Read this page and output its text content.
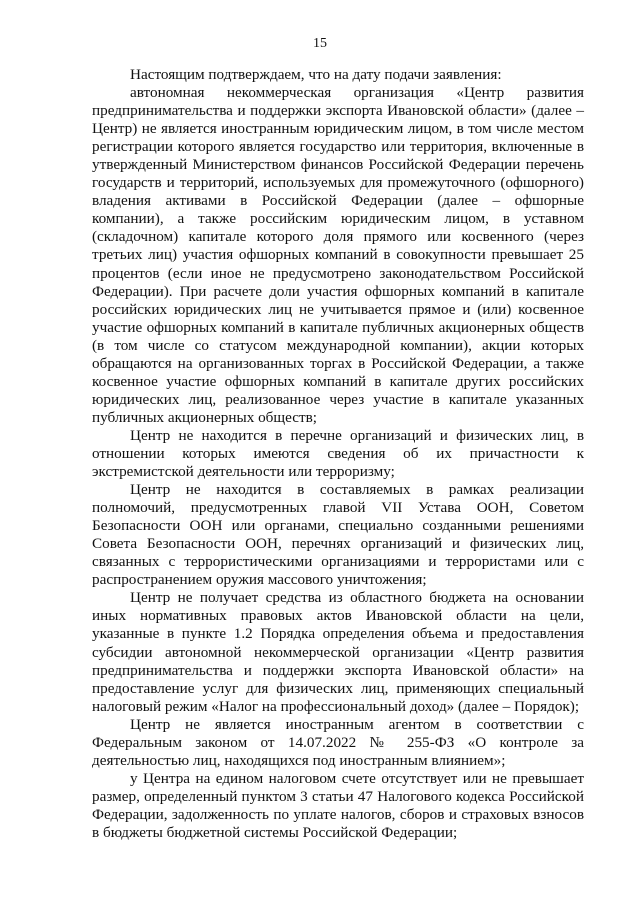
15

Настоящим подтверждаем, что на дату подачи заявления:

автономная некоммерческая организация «Центр развития предпринимательства и поддержки экспорта Ивановской области» (далее – Центр) не является иностранным юридическим лицом, в том числе местом регистрации которого является государство или территория, включенные в утвержденный Министерством финансов Российской Федерации перечень государств и территорий, используемых для промежуточного (офшорного) владения активами в Российской Федерации (далее – офшорные компании), а также российским юридическим лицом, в уставном (складочном) капитале которого доля прямого или косвенного (через третьих лиц) участия офшорных компаний в совокупности превышает 25 процентов (если иное не предусмотрено законодательством Российской Федерации). При расчете доли участия офшорных компаний в капитале российских юридических лиц не учитывается прямое и (или) косвенное участие офшорных компаний в капитале публичных акционерных обществ (в том числе со статусом международной компании), акции которых обращаются на организованных торгах в Российской Федерации, а также косвенное участие офшорных компаний в капитале других российских юридических лиц, реализованное через участие в капитале указанных публичных акционерных обществ;

Центр не находится в перечне организаций и физических лиц, в отношении которых имеются сведения об их причастности к экстремистской деятельности или терроризму;

Центр не находится в составляемых в рамках реализации полномочий, предусмотренных главой VII Устава ООН, Советом Безопасности ООН или органами, специально созданными решениями Совета Безопасности ООН, перечнях организаций и физических лиц, связанных с террористическими организациями и террористами или с распространением оружия массового уничтожения;

Центр не получает средства из областного бюджета на основании иных нормативных правовых актов Ивановской области на цели, указанные в пункте 1.2 Порядка определения объема и предоставления субсидии автономной некоммерческой организации «Центр развития предпринимательства и поддержки экспорта Ивановской области» на предоставление услуг для физических лиц, применяющих специальный налоговый режим «Налог на профессиональный доход» (далее – Порядок);

Центр не является иностранным агентом в соответствии с Федеральным законом от 14.07.2022 № 255-ФЗ «О контроле за деятельностью лиц, находящихся под иностранным влиянием»;

у Центра на едином налоговом счете отсутствует или не превышает размер, определенный пунктом 3 статьи 47 Налогового кодекса Российской Федерации, задолженность по уплате налогов, сборов и страховых взносов в бюджеты бюджетной системы Российской Федерации;
